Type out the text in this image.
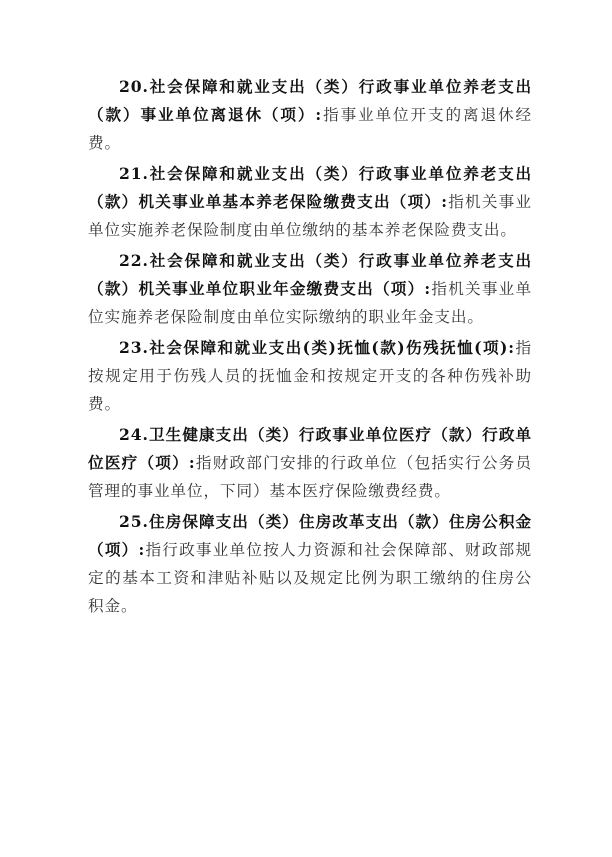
20.社会保障和就业支出（类）行政事业单位养老支出（款）事业单位离退休（项）:指事业单位开支的离退休经费。

21.社会保障和就业支出（类）行政事业单位养老支出（款）机关事业单基本养老保险缴费支出（项）:指机关事业单位实施养老保险制度由单位缴纳的基本养老保险费支出。

22.社会保障和就业支出（类）行政事业单位养老支出（款）机关事业单位职业年金缴费支出（项）:指机关事业单位实施养老保险制度由单位实际缴纳的职业年金支出。

23.社会保障和就业支出(类)抚恤(款)伤残抚恤(项):指按规定用于伤残人员的抚恤金和按规定开支的各种伤残补助费。

24.卫生健康支出（类）行政事业单位医疗（款）行政单位医疗（项）:指财政部门安排的行政单位（包括实行公务员管理的事业单位，下同）基本医疗保险缴费经费。

25.住房保障支出（类）住房改革支出（款）住房公积金（项）:指行政事业单位按人力资源和社会保障部、财政部规定的基本工资和津贴补贴以及规定比例为职工缴纳的住房公积金。
